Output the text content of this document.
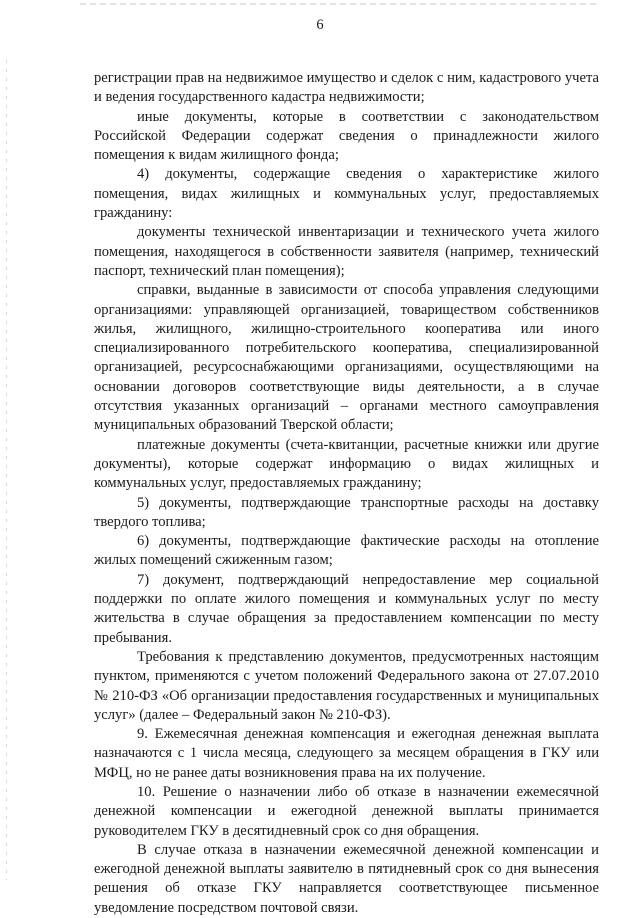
6

регистрации прав на недвижимое имущество и сделок с ним, кадастрового учета и ведения государственного кадастра недвижимости;

иные документы, которые в соответствии с законодательством Российской Федерации содержат сведения о принадлежности жилого помещения к видам жилищного фонда;

4) документы, содержащие сведения о характеристике жилого помещения, видах жилищных и коммунальных услуг, предоставляемых гражданину:

документы технической инвентаризации и технического учета жилого помещения, находящегося в собственности заявителя (например, технический паспорт, технический план помещения);

справки, выданные в зависимости от способа управления следующими организациями: управляющей организацией, товариществом собственников жилья, жилищного, жилищно-строительного кооператива или иного специализированного потребительского кооператива, специализированной организацией, ресурсоснабжающими организациями, осуществляющими на основании договоров соответствующие виды деятельности, а в случае отсутствия указанных организаций – органами местного самоуправления муниципальных образований Тверской области;

платежные документы (счета-квитанции, расчетные книжки или другие документы), которые содержат информацию о видах жилищных и коммунальных услуг, предоставляемых гражданину;

5) документы, подтверждающие транспортные расходы на доставку твердого топлива;

6) документы, подтверждающие фактические расходы на отопление жилых помещений сжиженным газом;

7) документ, подтверждающий непредоставление мер социальной поддержки по оплате жилого помещения и коммунальных услуг по месту жительства в случае обращения за предоставлением компенсации по месту пребывания.

Требования к представлению документов, предусмотренных настоящим пунктом, применяются с учетом положений Федерального закона от 27.07.2010 № 210-ФЗ «Об организации предоставления государственных и муниципальных услуг» (далее – Федеральный закон № 210-ФЗ).

9. Ежемесячная денежная компенсация и ежегодная денежная выплата назначаются с 1 числа месяца, следующего за месяцем обращения в ГКУ или МФЦ, но не ранее даты возникновения права на их получение.

10. Решение о назначении либо об отказе в назначении ежемесячной денежной компенсации и ежегодной денежной выплаты принимается руководителем ГКУ в десятидневный срок со дня обращения.

В случае отказа в назначении ежемесячной денежной компенсации и ежегодной денежной выплаты заявителю в пятидневный срок со дня вынесения решения об отказе ГКУ направляется соответствующее письменное уведомление посредством почтовой связи.
